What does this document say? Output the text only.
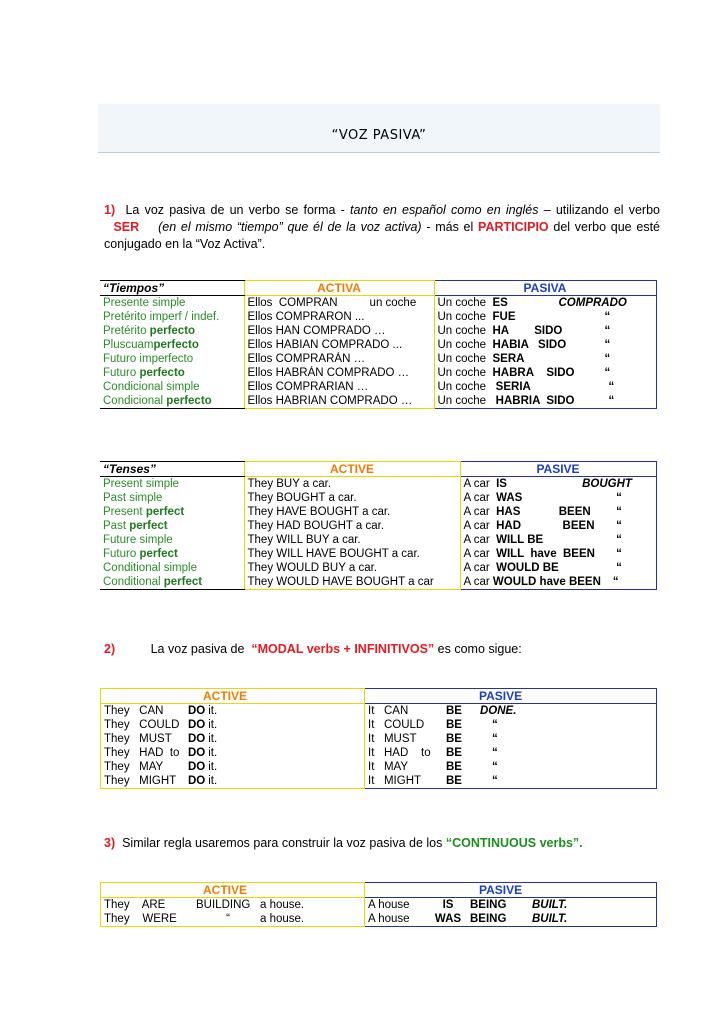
“VOZ PASIVA”
1) La voz pasiva de un verbo se forma - tanto en español como en inglés – utilizando el verbo   SER (en el mismo “tiempo” que él de la voz activa) - más el PARTICIPIO del verbo que esté conjugado en la “Voz Activa”.
“Tiempos”	ACTIVA	PASIVA
Presente simple	Ellos  COMPRAN          un coche	Un coche ES COMPRADO
Pretérito imperf / indef.	Ellos COMPRARON ...	Un coche FUE “
Pretérito perfecto	Ellos HAN COMPRADO …	Un coche HA        SIDO “
Pluscuamperfecto	Ellos HABIAN COMPRADO ...	Un coche HABIA   SIDO “
Futuro imperfecto	Ellos COMPRARÁN …	Un coche SERA “
Futuro perfecto	Ellos HABRÁN COMPRADO …	Un coche HABRA    SIDO “
Condicional simple	Ellos COMPRARIAN …	Un coche   SERIA “
Condicional perfecto	Ellos HABRIAN COMPRADO …	Un coche   HABRIA  SIDO “
“Tenses”	ACTIVE	PASIVE
Present simple	They BUY a car.	A car IS BOUGHT
Past simple	They BOUGHT a car.	A car WAS “
Present perfect	They HAVE BOUGHT a car.	A car HAS            BEEN “
Past perfect	They HAD BOUGHT a car.	A car HAD             BEEN “
Future simple	They WILL BUY a car.	A car WILL BE “
Futuro perfect	They WILL HAVE BOUGHT a car.	A car WILL  have  BEEN “
Conditional simple	They WOULD BUY a car.	A car WOULD BE “
Conditional perfect	They WOULD HAVE BOUGHT a car	A car WOULD have BEEN “
2)	La voz pasiva de  “MODAL verbs + INFINITIVOS” es como sigue:
ACTIVE	PASIVE
They   CAN DO it.	It   CAN BE DONE.
They   COULD DO it.	It   COULD BE “
They   MUST DO it.	It   MUST BE “
They   HAD  to DO it.	It   HAD    to BE “
They   MAY DO it.	It   MAY BE “
They   MIGHT DO it.	It   MIGHT BE “
3) Similar regla usaremos para construir la voz pasiva de los “CONTINUOUS verbs”.
ACTIVE	PASIVE
They    ARE BUILDING a house.	A house IS BEING BUILT.
They    WERE “ a house.	A house WAS BEING BUILT.
